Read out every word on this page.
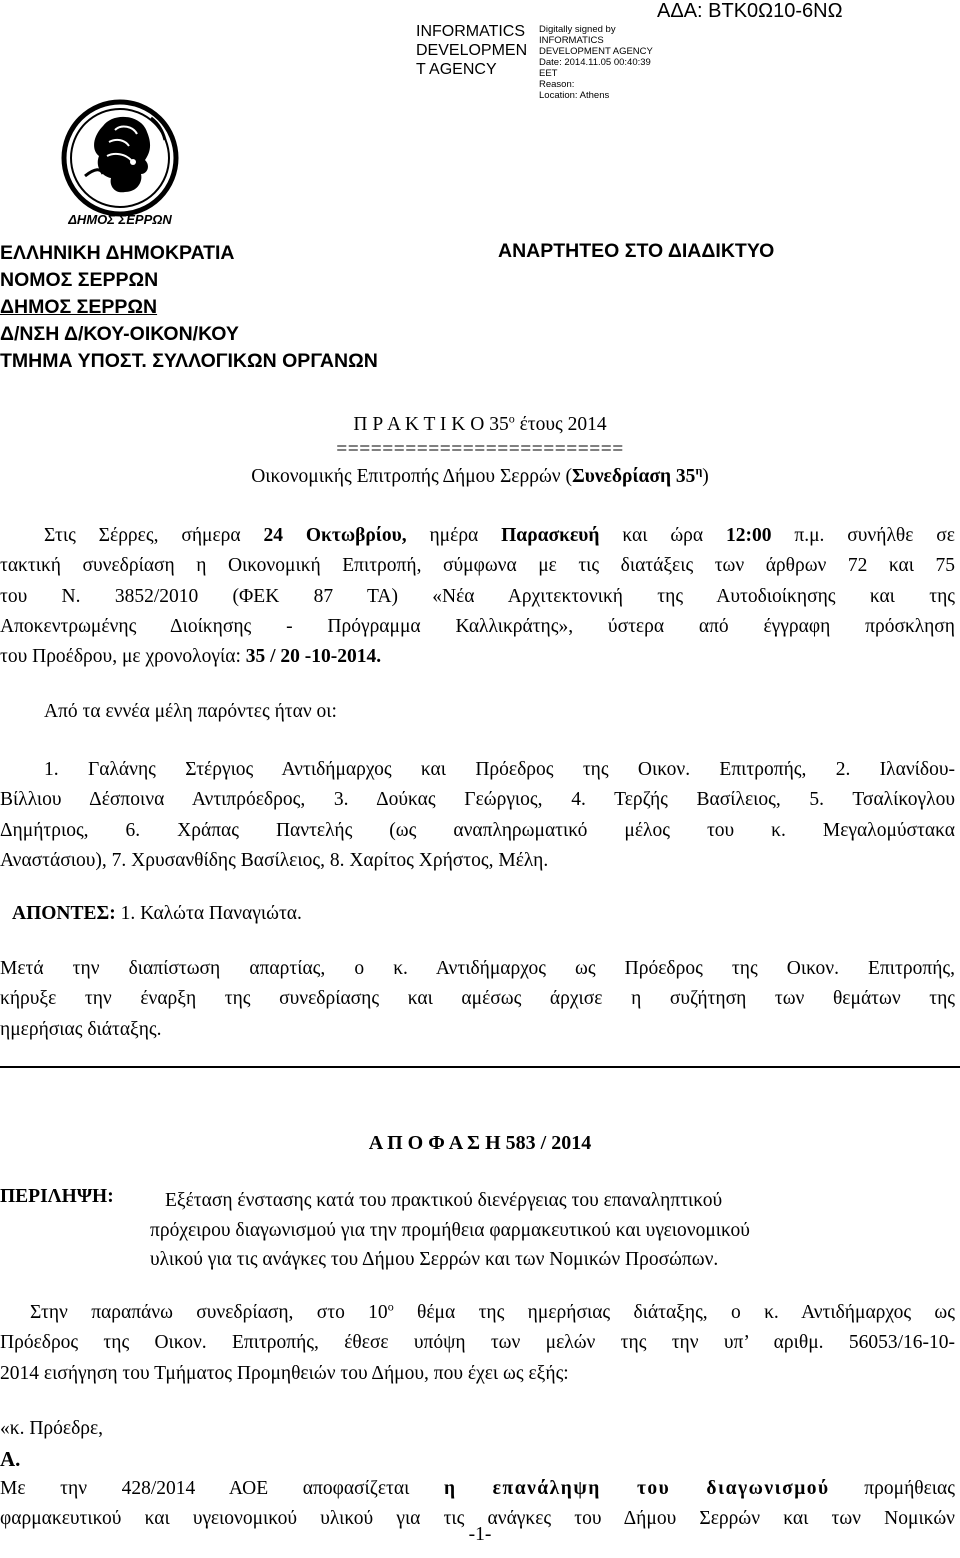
INFORMATICS DEVELOPMEN T AGENCY
Digitally signed by
INFORMATICS DEVELOPMENT AGENCY
Date: 2014.11.05 00:40:39
EET
Reason:
Location: Athens
ΑΔΑ: ΒΤΚ0Ω10-6ΝΩ
ΔΗΜΟΣ ΣΕΡΡΩΝ
ΕΛΛΗΝΙΚΗ ΔΗΜΟΚΡΑΤΙΑ
ΝΟΜΟΣ ΣΕΡΡΩΝ
ΔΗΜΟΣ ΣΕΡΡΩΝ
Δ/ΝΣΗ Δ/ΚΟΥ-ΟΙΚΟΝ/ΚΟΥ
ΤΜΗΜΑ ΥΠΟΣΤ. ΣΥΛΛΟΓΙΚΩΝ ΟΡΓΑΝΩΝ
ΑΝΑΡΤΗΤΕΟ ΣΤΟ ΔΙΑΔΙΚΤΥΟ
Π Ρ Α Κ Τ Ι Κ Ο $35^o$ έτους 2014
=========================
Οικονομικής Επιτροπής Δήμου Σερρών (Συνεδρίαση $35^\eta$)
Στις Σέρρες, σήμερα 24 Οκτωβρίου, ημέρα Παρασκευή και ώρα 12:00 π.μ. συνήλθε σε
τακτική συνεδρίαση η Οικονομική Επιτροπή, σύμφωνα με τις διατάξεις των άρθρων 72 και 75
του Ν. 3852/2010 (ΦΕΚ 87 ΤΑ) «Νέα Αρχιτεκτονική της Αυτοδιοίκησης και της
Αποκεντρωμένης Διοίκησης - Πρόγραμμα Καλλικράτης», ύστερα από έγγραφη πρόσκληση
του Προέδρου, με χρονολογία: 35 / 20 -10-2014.
Από τα εννέα μέλη παρόντες ήταν οι:
1. Γαλάνης Στέργιος Αντιδήμαρχος και Πρόεδρος της Οικον. Επιτροπής, 2. Ιλανίδου-
Βίλλιου Δέσποινα Αντιπρόεδρος, 3. Δούκας Γεώργιος, 4. Τερζής Βασίλειος, 5. Τσαλίκογλου
Δημήτριος, 6. Χράπας Παντελής (ως αναπληρωματικό μέλος του κ. Μεγαλομύστακα
Αναστάσιου), 7. Χρυσανθίδης Βασίλειος, 8. Χαρίτος Χρήστος, Μέλη.
ΑΠΟΝΤΕΣ: 1. Καλώτα Παναγιώτα.
Μετά την διαπίστωση απαρτίας, ο κ. Αντιδήμαρχος ως Πρόεδρος της Οικον. Επιτροπής,
κήρυξε την έναρξη της συνεδρίασης και αμέσως άρχισε η συζήτηση των θεμάτων της
ημερήσιας διάταξης.
Α Π Ο Φ Α Σ Η 583 / 2014
ΠΕΡΙΛΗΨΗ:	Εξέταση ένστασης κατά του πρακτικού διενέργειας του επαναληπτικού
πρόχειρου διαγωνισμού για την προμήθεια φαρμακευτικού και υγειονομικού
υλικού για τις ανάγκες του Δήμου Σερρών και των Νομικών Προσώπων.
Στην παραπάνω συνεδρίαση, στο $10^o$ θέμα της ημερήσιας διάταξης, ο κ. Αντιδήμαρχος ως
Πρόεδρος της Οικον. Επιτροπής, έθεσε υπόψη των μελών της την υπ’ αριθμ. 56053/16-10-
2014 εισήγηση του Τμήματος Προμηθειών του Δήμου, που έχει ως εξής:
«κ. Πρόεδρε,
Α.
Με την 428/2014 ΑΟΕ αποφασίζεται η επανάληψη του διαγωνισμού προμήθειας
φαρμακευτικού και υγειονομικού υλικού για τις ανάγκες του Δήμου Σερρών και των Νομικών
-1-
